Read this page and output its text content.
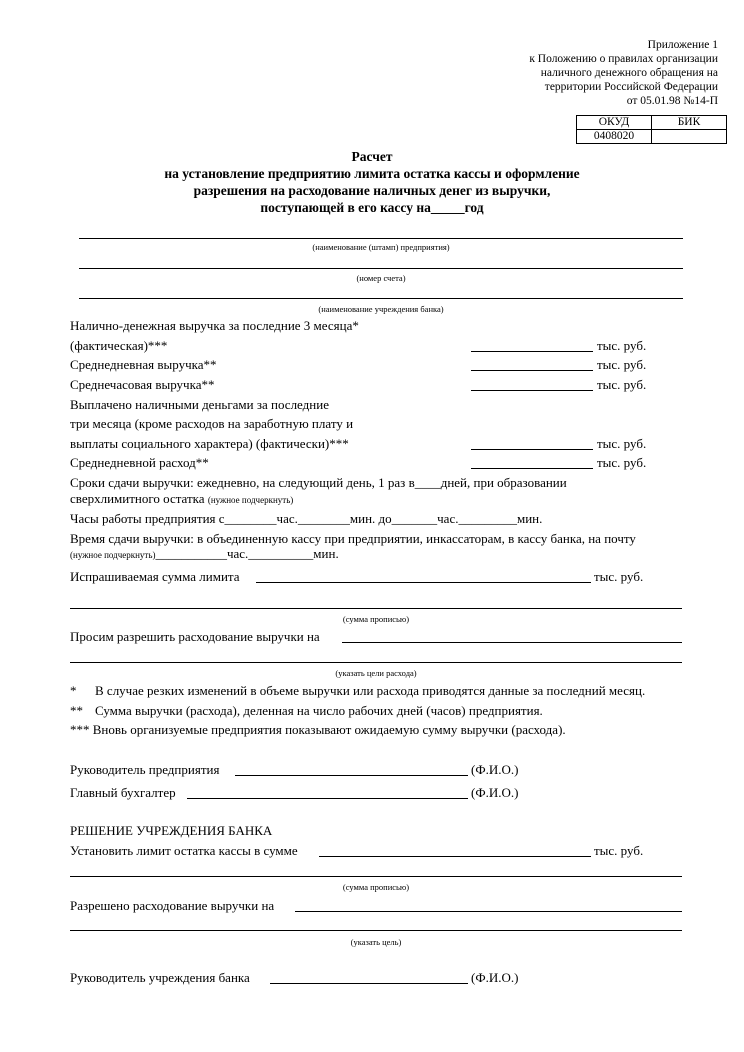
Приложение 1
к Положению о правилах организации
наличного денежного обращения на
территории Российской Федерации
от 05.01.98 №14-П
ОКУД	БИК
0408020	
Расчет
на установление предприятию лимита остатка кассы и оформление
разрешения на расходование наличных денег из выручки,
поступающей в его кассу на_____год
(наименование (штамп) предприятия)
(номер счета)
(наименование учреждения банка)
Налично-денежная выручка за последние 3 месяца*
(фактическая)***	тыс. руб.
Среднедневная выручка**	тыс. руб.
Среднечасовая выручка**	тыс. руб.
Выплачено наличными деньгами за последние
три месяца (кроме расходов на заработную плату и
выплаты социального характера) (фактически)***	тыс. руб.
Среднедневной расход**	тыс. руб.
Сроки сдачи выручки: ежедневно, на следующий день, 1 раз в____дней, при образовании
сверхлимитного остатка (нужное подчеркнуть)
Часы работы предприятия с________час.________мин. до_______час._________мин.
Время сдачи выручки: в объединенную кассу при предприятии, инкассаторам, в кассу банка, на почту
(нужное подчеркнуть)___________час.__________мин.
Испрашиваемая сумма лимита	тыс. руб.
(сумма прописью)
Просим разрешить расходование выручки на
(указать цели расхода)
* В случае резких изменений в объеме выручки или расхода приводятся данные за последний месяц.
** Сумма выручки (расхода), деленная на число рабочих дней (часов) предприятия.
*** Вновь организуемые предприятия показывают ожидаемую сумму выручки (расхода).
Руководитель предприятия	(Ф.И.О.)
Главный бухгалтер	(Ф.И.О.)
РЕШЕНИЕ УЧРЕЖДЕНИЯ БАНКА
Установить лимит остатка кассы в сумме	тыс. руб.
(сумма прописью)
Разрешено расходование выручки на
(указать цель)
Руководитель учреждения банка	(Ф.И.О.)
